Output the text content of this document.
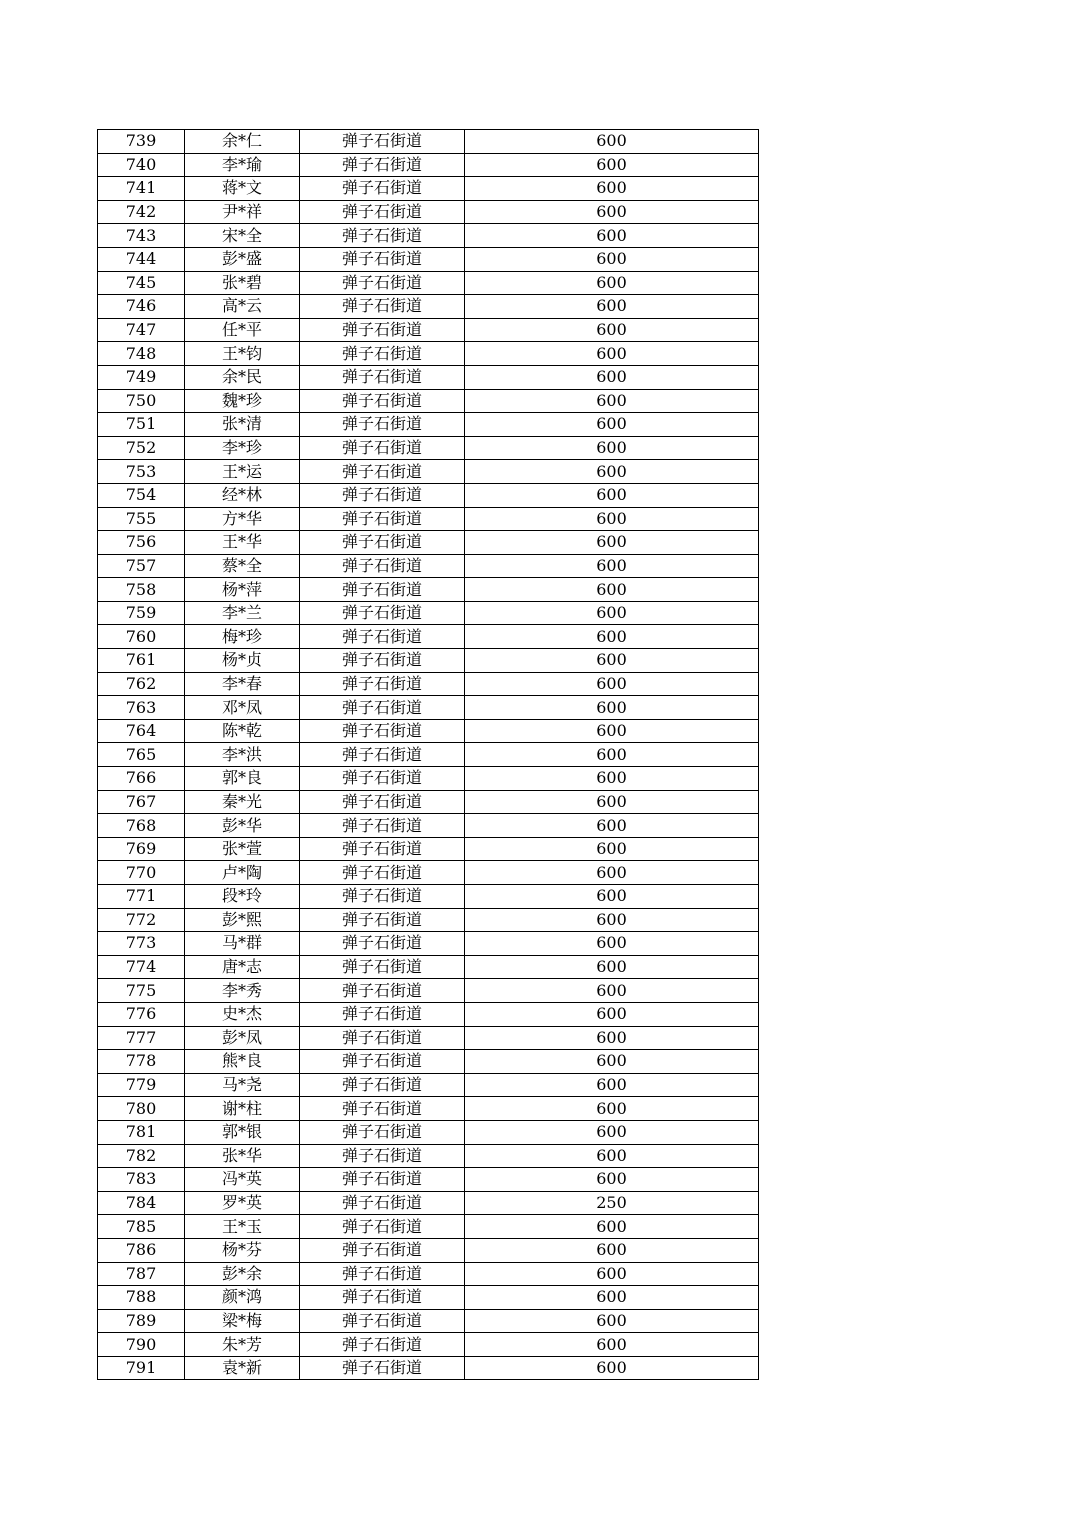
739	余*仁	弹子石街道	600
740	李*瑜	弹子石街道	600
741	蒋*文	弹子石街道	600
742	尹*祥	弹子石街道	600
743	宋*全	弹子石街道	600
744	彭*盛	弹子石街道	600
745	张*碧	弹子石街道	600
746	高*云	弹子石街道	600
747	任*平	弹子石街道	600
748	王*钧	弹子石街道	600
749	余*民	弹子石街道	600
750	魏*珍	弹子石街道	600
751	张*清	弹子石街道	600
752	李*珍	弹子石街道	600
753	王*运	弹子石街道	600
754	经*林	弹子石街道	600
755	方*华	弹子石街道	600
756	王*华	弹子石街道	600
757	蔡*全	弹子石街道	600
758	杨*萍	弹子石街道	600
759	李*兰	弹子石街道	600
760	梅*珍	弹子石街道	600
761	杨*贞	弹子石街道	600
762	李*春	弹子石街道	600
763	邓*凤	弹子石街道	600
764	陈*乾	弹子石街道	600
765	李*洪	弹子石街道	600
766	郭*良	弹子石街道	600
767	秦*光	弹子石街道	600
768	彭*华	弹子石街道	600
769	张*萱	弹子石街道	600
770	卢*陶	弹子石街道	600
771	段*玲	弹子石街道	600
772	彭*熙	弹子石街道	600
773	马*群	弹子石街道	600
774	唐*志	弹子石街道	600
775	李*秀	弹子石街道	600
776	史*杰	弹子石街道	600
777	彭*凤	弹子石街道	600
778	熊*良	弹子石街道	600
779	马*尧	弹子石街道	600
780	谢*柱	弹子石街道	600
781	郭*银	弹子石街道	600
782	张*华	弹子石街道	600
783	冯*英	弹子石街道	600
784	罗*英	弹子石街道	250
785	王*玉	弹子石街道	600
786	杨*芬	弹子石街道	600
787	彭*余	弹子石街道	600
788	颜*鸿	弹子石街道	600
789	梁*梅	弹子石街道	600
790	朱*芳	弹子石街道	600
791	袁*新	弹子石街道	600
